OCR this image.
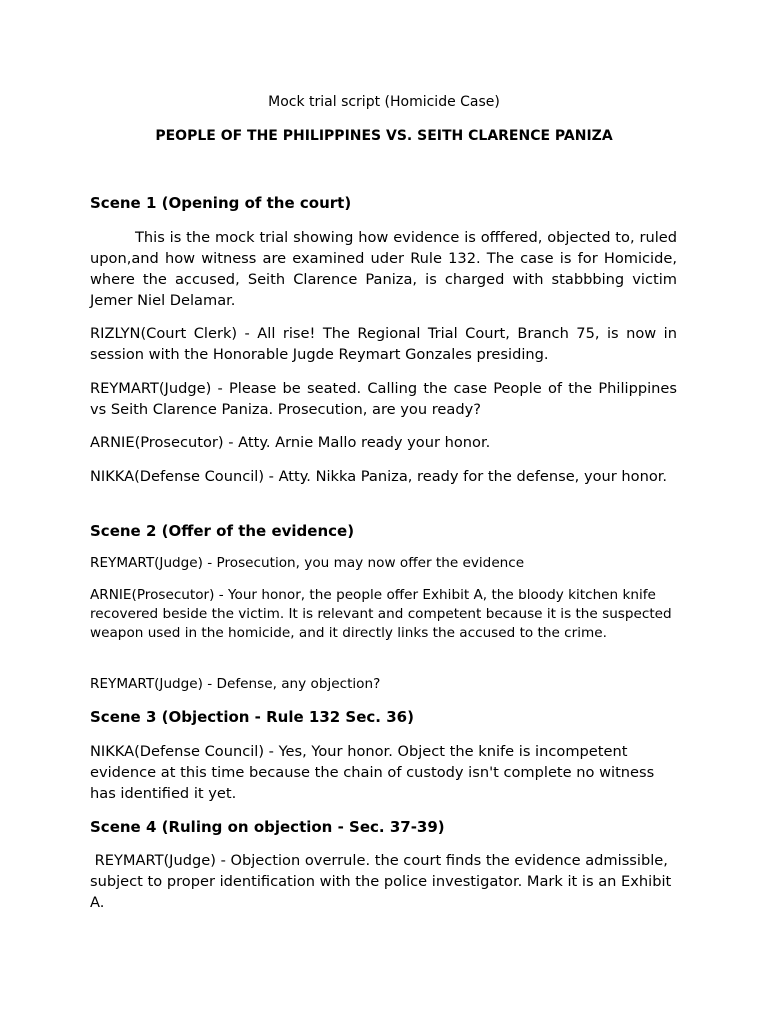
Mock trial script (Homicide Case)

PEOPLE OF THE PHILIPPINES VS. SEITH CLARENCE PANIZA

Scene 1 (Opening of the court)

This is the mock trial showing how evidence is offfered, objected to, ruled upon,and how witness are examined uder Rule 132. The case is for Homicide, where the accused, Seith Clarence Paniza, is charged with stabbbing victim Jemer Niel Delamar.

RIZLYN(Court Clerk) - All rise! The Regional Trial Court, Branch 75, is now in session with the Honorable Jugde Reymart Gonzales presiding.

REYMART(Judge) - Please be seated. Calling the case People of the Philippines vs Seith Clarence Paniza. Prosecution, are you ready?

ARNIE(Prosecutor) - Atty. Arnie Mallo ready your honor.

NIKKA(Defense Council) - Atty. Nikka Paniza, ready for the defense, your honor.

Scene 2 (Offer of the evidence)

REYMART(Judge) - Prosecution, you may now offer the evidence

ARNIE(Prosecutor) - Your honor, the people offer Exhibit A, the bloody kitchen knife recovered beside the victim. It is relevant and competent because it is the suspected weapon used in the homicide, and it directly links the accused to the crime.

REYMART(Judge) - Defense, any objection?

Scene 3 (Objection - Rule 132 Sec. 36)

NIKKA(Defense Council) - Yes, Your honor. Object the knife is incompetent evidence at this time because the chain of custody isn't complete no witness has identified it yet.

Scene 4 (Ruling on objection - Sec. 37-39)

REYMART(Judge) - Objection overrule. the court finds the evidence admissible, subject to proper identification with the police investigator. Mark it is an Exhibit A.
